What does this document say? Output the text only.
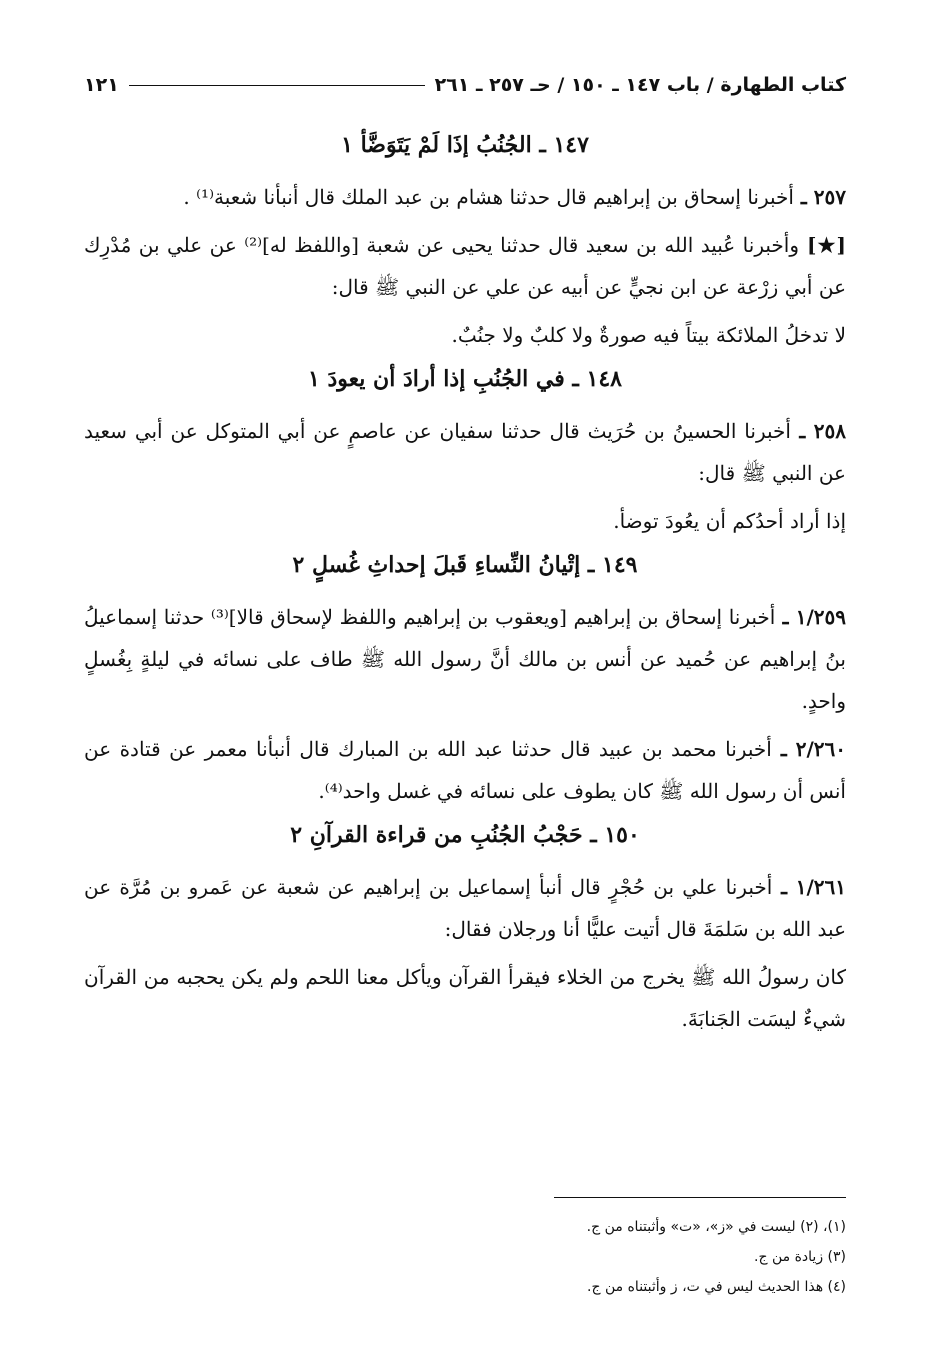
كتاب الطهارة / باب ١٤٧ ـ ١٥٠ / حـ ٢٥٧ ـ ٢٦١
١٢١
١٤٧ ـ الجُنُبُ إذَا لَمْ يَتَوَضَّأ ١
٢٥٧ ـ أخبرنا إسحاق بن إبراهيم قال حدثنا هشام بن عبد الملك قال أنبأنا شعبة⁽¹⁾ .
[★] وأخبرنا عُبيد الله بن سعيد قال حدثنا يحيى عن شعبة [واللفظ له]⁽²⁾ عن علي بن مُدْرِك عن أبي زرْعة عن ابن نجيٍّ عن أبيه عن علي عن النبي ﷺ قال:
لا تدخلُ الملائكة بيتاً فيه صورةٌ ولا كلبٌ ولا جنُبٌ.
١٤٨ ـ في الجُنُبِ إذا أرادَ أن يعودَ ١
٢٥٨ ـ أخبرنا الحسينُ بن حُرَيث قال حدثنا سفيان عن عاصمٍ عن أبي المتوكل عن أبي سعيد عن النبي ﷺ قال:
إذا أراد أحدُكم أن يعُودَ توضأ.
١٤٩ ـ إتْيانُ النِّساءِ قَبلَ إحداثِ غُسلٍ ٢
١/٢٥٩ ـ أخبرنا إسحاق بن إبراهيم [ويعقوب بن إبراهيم واللفظ لإسحاق قالا]⁽³⁾ حدثنا إسماعيلُ بنُ إبراهيم عن حُميد عن أنس بن مالك أنَّ رسول الله ﷺ طاف على نسائه في ليلةٍ بِغُسلٍ واحدٍ.
٢/٢٦٠ ـ أخبرنا محمد بن عبيد قال حدثنا عبد الله بن المبارك قال أنبأنا معمر عن قتادة عن أنس أن رسول الله ﷺ كان يطوف على نسائه في غسل واحد⁽⁴⁾.
١٥٠ ـ حَجْبُ الجُنُبِ من قراءة القرآنِ ٢
١/٢٦١ ـ أخبرنا علي بن حُجْرٍ قال أنبأ إسماعيل بن إبراهيم عن شعبة عن عَمرو بن مُرَّة عن عبد الله بن سَلمَةَ قال أتيت عليًّا أنا ورجلان فقال:
كان رسولُ الله ﷺ يخرج من الخلاء فيقرأ القرآن ويأكل معنا اللحم ولم يكن يحجبه من القرآن شيءٌ ليسَت الجَنابَةَ.
(١)، (٢) ليست في «ز»، «ت» وأثبتناه من ج.
(٣) زيادة من ج.
(٤) هذا الحديث ليس في ت، ز وأثبتناه من ج.
